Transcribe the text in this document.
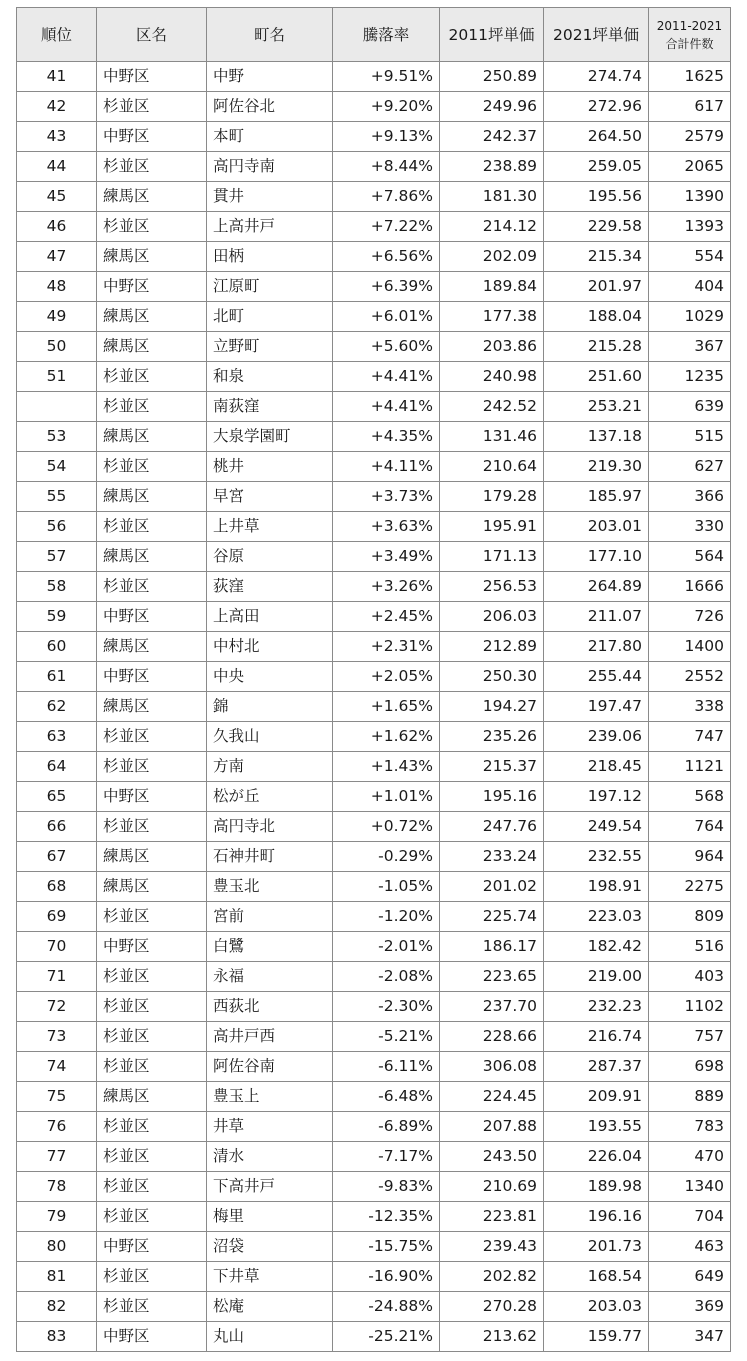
順位	区名	町名	騰落率	2011坪単価	2021坪単価	2011-2021
合計件数

41	中野区	中野	+9.51%	250.89	274.74	1625
42	杉並区	阿佐谷北	+9.20%	249.96	272.96	617
43	中野区	本町	+9.13%	242.37	264.50	2579
44	杉並区	高円寺南	+8.44%	238.89	259.05	2065
45	練馬区	貫井	+7.86%	181.30	195.56	1390
46	杉並区	上高井戸	+7.22%	214.12	229.58	1393
47	練馬区	田柄	+6.56%	202.09	215.34	554
48	中野区	江原町	+6.39%	189.84	201.97	404
49	練馬区	北町	+6.01%	177.38	188.04	1029
50	練馬区	立野町	+5.60%	203.86	215.28	367
51	杉並区	和泉	+4.41%	240.98	251.60	1235
	杉並区	南荻窪	+4.41%	242.52	253.21	639
53	練馬区	大泉学園町	+4.35%	131.46	137.18	515
54	杉並区	桃井	+4.11%	210.64	219.30	627
55	練馬区	早宮	+3.73%	179.28	185.97	366
56	杉並区	上井草	+3.63%	195.91	203.01	330
57	練馬区	谷原	+3.49%	171.13	177.10	564
58	杉並区	荻窪	+3.26%	256.53	264.89	1666
59	中野区	上高田	+2.45%	206.03	211.07	726
60	練馬区	中村北	+2.31%	212.89	217.80	1400
61	中野区	中央	+2.05%	250.30	255.44	2552
62	練馬区	錦	+1.65%	194.27	197.47	338
63	杉並区	久我山	+1.62%	235.26	239.06	747
64	杉並区	方南	+1.43%	215.37	218.45	1121
65	中野区	松が丘	+1.01%	195.16	197.12	568
66	杉並区	高円寺北	+0.72%	247.76	249.54	764
67	練馬区	石神井町	-0.29%	233.24	232.55	964
68	練馬区	豊玉北	-1.05%	201.02	198.91	2275
69	杉並区	宮前	-1.20%	225.74	223.03	809
70	中野区	白鷺	-2.01%	186.17	182.42	516
71	杉並区	永福	-2.08%	223.65	219.00	403
72	杉並区	西荻北	-2.30%	237.70	232.23	1102
73	杉並区	高井戸西	-5.21%	228.66	216.74	757
74	杉並区	阿佐谷南	-6.11%	306.08	287.37	698
75	練馬区	豊玉上	-6.48%	224.45	209.91	889
76	杉並区	井草	-6.89%	207.88	193.55	783
77	杉並区	清水	-7.17%	243.50	226.04	470
78	杉並区	下高井戸	-9.83%	210.69	189.98	1340
79	杉並区	梅里	-12.35%	223.81	196.16	704
80	中野区	沼袋	-15.75%	239.43	201.73	463
81	杉並区	下井草	-16.90%	202.82	168.54	649
82	杉並区	松庵	-24.88%	270.28	203.03	369
83	中野区	丸山	-25.21%	213.62	159.77	347
